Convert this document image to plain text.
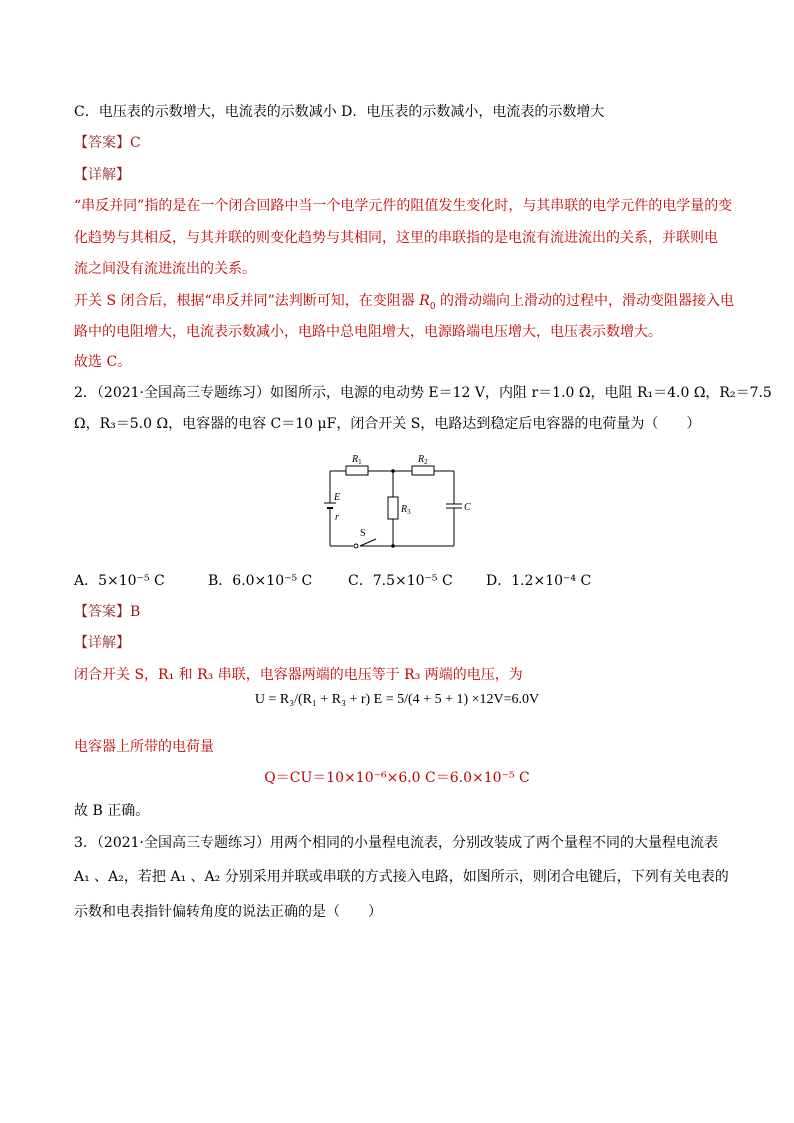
C．电压表的示数增大，电流表的示数减小 D．电压表的示数减小，电流表的示数增大
【答案】C
【详解】
“串反并同”指的是在一个闭合回路中当一个电学元件的阻值发生变化时，与其串联的电学元件的电学量的变
化趋势与其相反，与其并联的则变化趋势与其相同，这里的串联指的是电流有流进流出的关系，并联则电
流之间没有流进流出的关系。
开关 S 闭合后，根据“串反并同”法判断可知，在变阻器 $R_0$ 的滑动端向上滑动的过程中，滑动变阻器接入电
路中的电阻增大，电流表示数减小，电路中总电阻增大，电源路端电压增大，电压表示数增大。
故选 C。
2．（2021·全国高三专题练习）如图所示，电源的电动势 E＝12 V，内阻 r＝1.0 Ω，电阻 R₁＝4.0 Ω，R₂＝7.5
Ω，R₃＝5.0 Ω，电容器的电容 C＝10 μF，闭合开关 S，电路达到稳定后电容器的电荷量为（　　）
$R_1$	$R_2$
$R_3$
E
r
S
C
A．5×10⁻⁵ C	B．6.0×10⁻⁵ C	C．7.5×10⁻⁵ C D．1.2×10⁻⁴ C
【答案】B
【详解】
闭合开关 S，R₁ 和 R₃ 串联，电容器两端的电压等于 R₃ 两端的电压，为
U = R₃/(R₁ + R₃ + r) E = 5/(4 + 5 + 1) ×12V=6.0V
电容器上所带的电荷量
Q＝CU＝10×10⁻⁶×6.0 C＝6.0×10⁻⁵ C
故 B 正确。
3．（2021·全国高三专题练习）用两个相同的小量程电流表，分别改装成了两个量程不同的大量程电流表
A₁ 、A₂，若把 A₁ 、A₂ 分别采用并联或串联的方式接入电路，如图所示，则闭合电键后，下列有关电表的
示数和电表指针偏转角度的说法正确的是（　　）
